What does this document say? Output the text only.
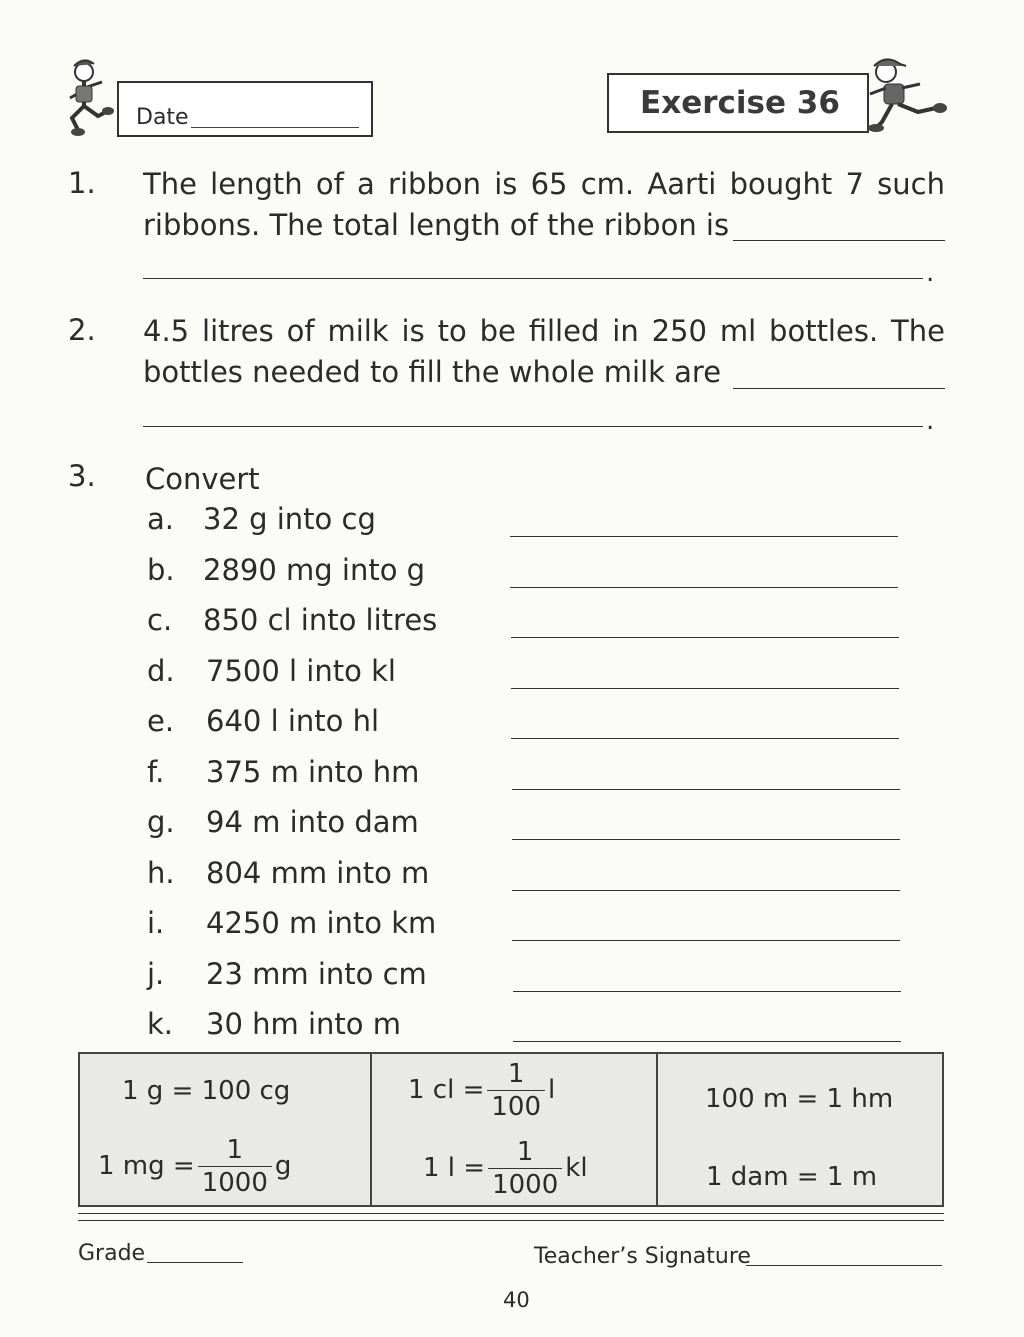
Date	Exercise 36
1. The length of a ribbon is 65 cm. Aarti bought 7 such
ribbons. The total length of the ribbon is
.
2. 4.5 litres of milk is to be filled in 250 ml bottles. The
bottles needed to fill the whole milk are
.
3. Convert
a. 32 g into cg
b. 2890 mg into g
c. 850 cl into litres
d. 7500 l into kl
e. 640 l into hl
f. 375 m into hm
g. 94 m into dam
h. 804 mm into m
i. 4250 m into km
j. 23 mm into cm
k. 30 hm into m
1 g = 100 cg
1 mg = $\frac{1}{1000}$ g
1 cl = $\frac{1}{100}$ l
1 $l = \frac{1}{1000}$ kl
100 m = 1 hm
1 dam = 1 m
Grade	Teacher’s Signature
40
